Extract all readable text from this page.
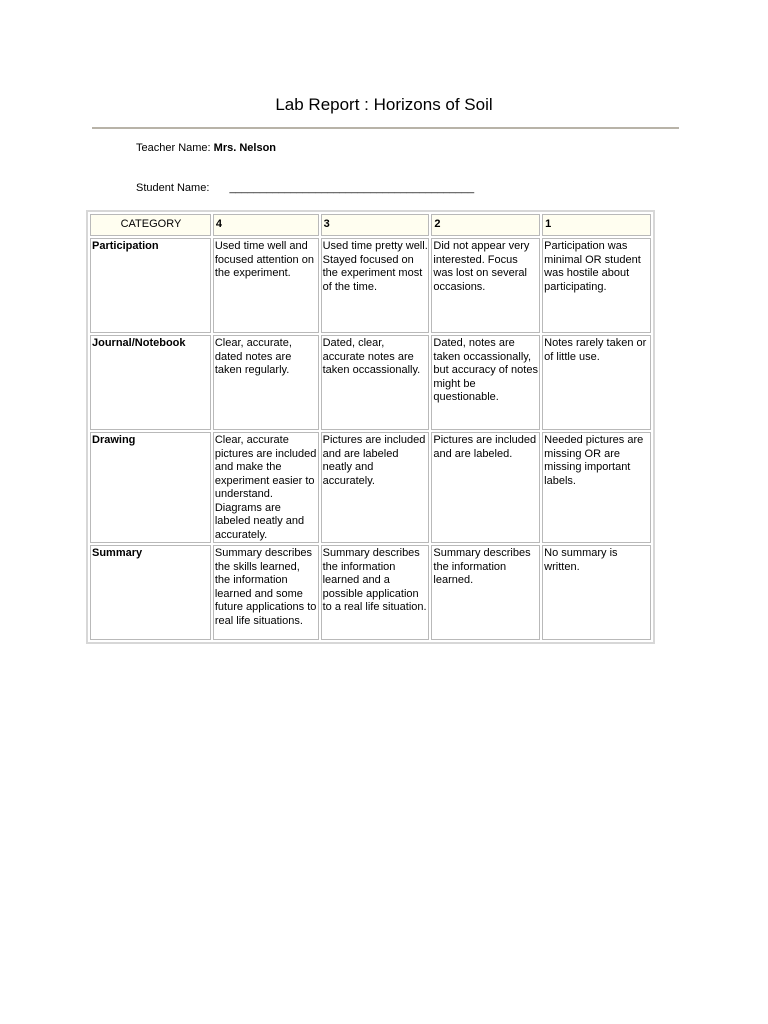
Lab Report : Horizons of Soil
Teacher Name: Mrs. Nelson
Student Name: ________________________________________
CATEGORY	4	3	2	1
Participation	Used time well and focused attention on the experiment.	Used time pretty well. Stayed focused on the experiment most of the time.	Did not appear very interested. Focus was lost on several occasions.	Participation was minimal OR student was hostile about participating.
Journal/Notebook	Clear, accurate, dated notes are taken regularly.	Dated, clear, accurate notes are taken occassionally.	Dated, notes are taken occassionally, but accuracy of notes might be questionable.	Notes rarely taken or of little use.
Drawing	Clear, accurate pictures are included and make the experiment easier to understand. Diagrams are labeled neatly and accurately.	Pictures are included and are labeled neatly and accurately.	Pictures are included and are labeled.	Needed pictures are missing OR are missing important labels.
Summary	Summary describes the skills learned, the information learned and some future applications to real life situations.	Summary describes the information learned and a possible application to a real life situation.	Summary describes the information learned.	No summary is written.
